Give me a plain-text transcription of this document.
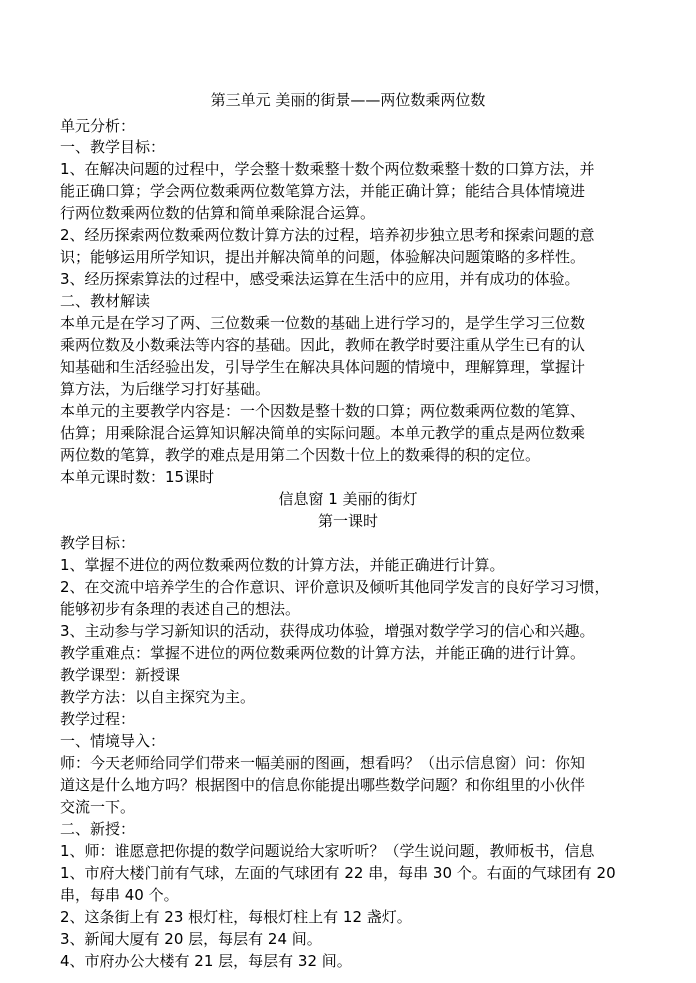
第三单元 美丽的街景——两位数乘两位数
单元分析：
一、教学目标：
1、在解决问题的过程中，学会整十数乘整十数个两位数乘整十数的口算方法，并
能正确口算；学会两位数乘两位数笔算方法，并能正确计算；能结合具体情境进
行两位数乘两位数的估算和简单乘除混合运算。
2、经历探索两位数乘两位数计算方法的过程，培养初步独立思考和探索问题的意
识；能够运用所学知识，提出并解决简单的问题，体验解决问题策略的多样性。
3、经历探索算法的过程中，感受乘法运算在生活中的应用，并有成功的体验。
二、教材解读
本单元是在学习了两、三位数乘一位数的基础上进行学习的，是学生学习三位数
乘两位数及小数乘法等内容的基础。因此，教师在教学时要注重从学生已有的认
知基础和生活经验出发，引导学生在解决具体问题的情境中，理解算理，掌握计
算方法，为后继学习打好基础。
本单元的主要教学内容是：一个因数是整十数的口算；两位数乘两位数的笔算、
估算；用乘除混合运算知识解决简单的实际问题。本单元教学的重点是两位数乘
两位数的笔算，教学的难点是用第二个因数十位上的数乘得的积的定位。
本单元课时数：15课时
信息窗 1 美丽的街灯
第一课时
教学目标：
1、掌握不进位的两位数乘两位数的计算方法，并能正确进行计算。
2、在交流中培养学生的合作意识、评价意识及倾听其他同学发言的良好学习习惯，
能够初步有条理的表述自己的想法。
3、主动参与学习新知识的活动，获得成功体验，增强对数学学习的信心和兴趣。
教学重难点：掌握不进位的两位数乘两位数的计算方法，并能正确的进行计算。
教学课型：新授课
教学方法：以自主探究为主。
教学过程：
一、情境导入：
师：今天老师给同学们带来一幅美丽的图画，想看吗？（出示信息窗）问：你知
道这是什么地方吗？根据图中的信息你能提出哪些数学问题？和你组里的小伙伴
交流一下。
二、新授：
1、师：谁愿意把你提的数学问题说给大家听听？（学生说问题，教师板书，信息
1、市府大楼门前有气球，左面的气球团有 22 串，每串 30 个。右面的气球团有 20
串，每串 40 个。
2、这条街上有 23 根灯柱，每根灯柱上有 12 盏灯。
3、新闻大厦有 20 层，每层有 24 间。
4、市府办公大楼有 21 层，每层有 32 间。
